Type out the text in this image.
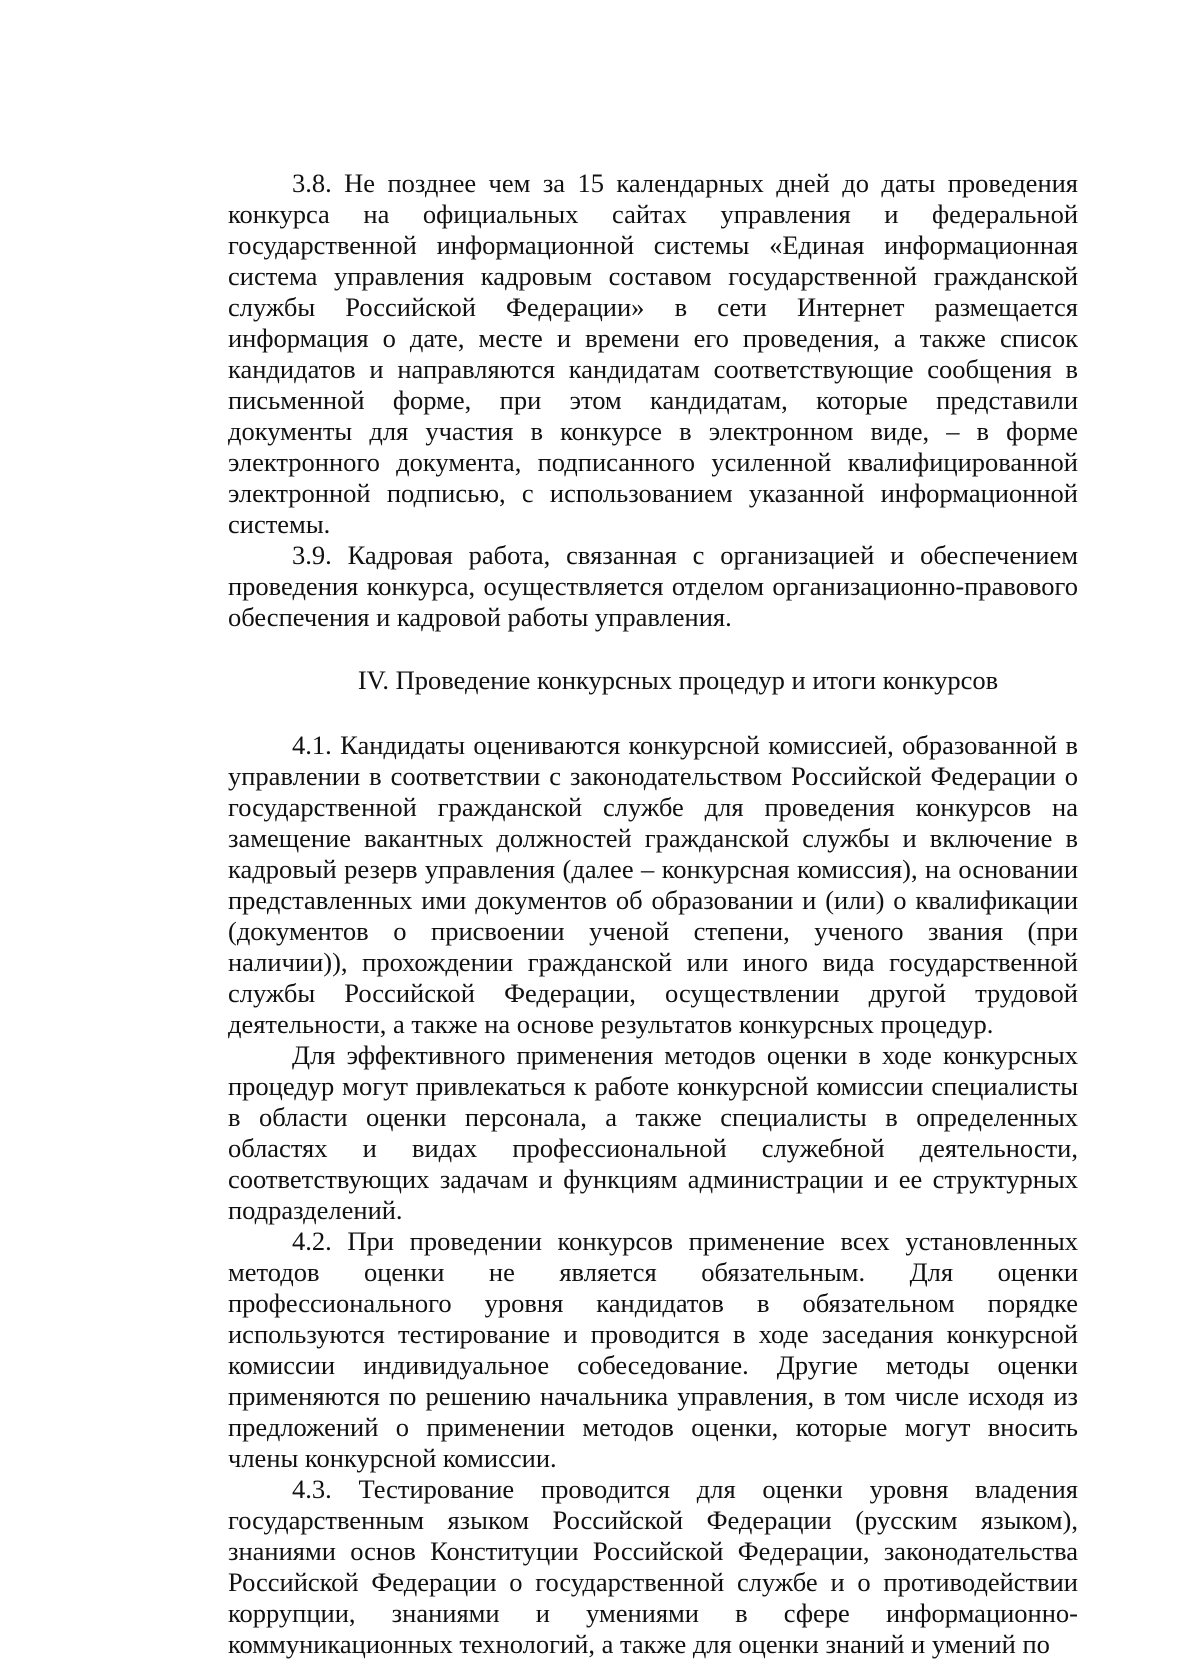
3.8. Не позднее чем за 15 календарных дней до даты проведения конкурса на официальных сайтах управления и федеральной государственной информационной системы «Единая информационная система управления кадровым составом государственной гражданской службы Российской Федерации» в сети Интернет размещается информация о дате, месте и времени его проведения, а также список кандидатов и направляются кандидатам соответствующие сообщения в письменной форме, при этом кандидатам, которые представили документы для участия в конкурсе в электронном виде, – в форме электронного документа, подписанного усиленной квалифицированной электронной подписью, с использованием указанной информационной системы.

3.9. Кадровая работа, связанная с организацией и обеспечением проведения конкурса, осуществляется отделом организационно-правового обеспечения и кадровой работы управления.

IV. Проведение конкурсных процедур и итоги конкурсов

4.1. Кандидаты оцениваются конкурсной комиссией, образованной в управлении в соответствии с законодательством Российской Федерации о государственной гражданской службе для проведения конкурсов на замещение вакантных должностей гражданской службы и включение в кадровый резерв управления (далее – конкурсная комиссия), на основании представленных ими документов об образовании и (или) о квалификации (документов о присвоении ученой степени, ученого звания (при наличии)), прохождении гражданской или иного вида государственной службы Российской Федерации, осуществлении другой трудовой деятельности, а также на основе результатов конкурсных процедур.

Для эффективного применения методов оценки в ходе конкурсных процедур могут привлекаться к работе конкурсной комиссии специалисты в области оценки персонала, а также специалисты в определенных областях и видах профессиональной служебной деятельности, соответствующих задачам и функциям администрации и ее структурных подразделений.

4.2. При проведении конкурсов применение всех установленных методов оценки не является обязательным. Для оценки профессионального уровня кандидатов в обязательном порядке используются тестирование и проводится в ходе заседания конкурсной комиссии индивидуальное собеседование. Другие методы оценки применяются по решению начальника управления, в том числе исходя из предложений о применении методов оценки, которые могут вносить члены конкурсной комиссии.

4.3. Тестирование проводится для оценки уровня владения государственным языком Российской Федерации (русским языком), знаниями основ Конституции Российской Федерации, законодательства Российской Федерации о государственной службе и о противодействии коррупции, знаниями и умениями в сфере информационно-коммуникационных технологий, а также для оценки знаний и умений по
